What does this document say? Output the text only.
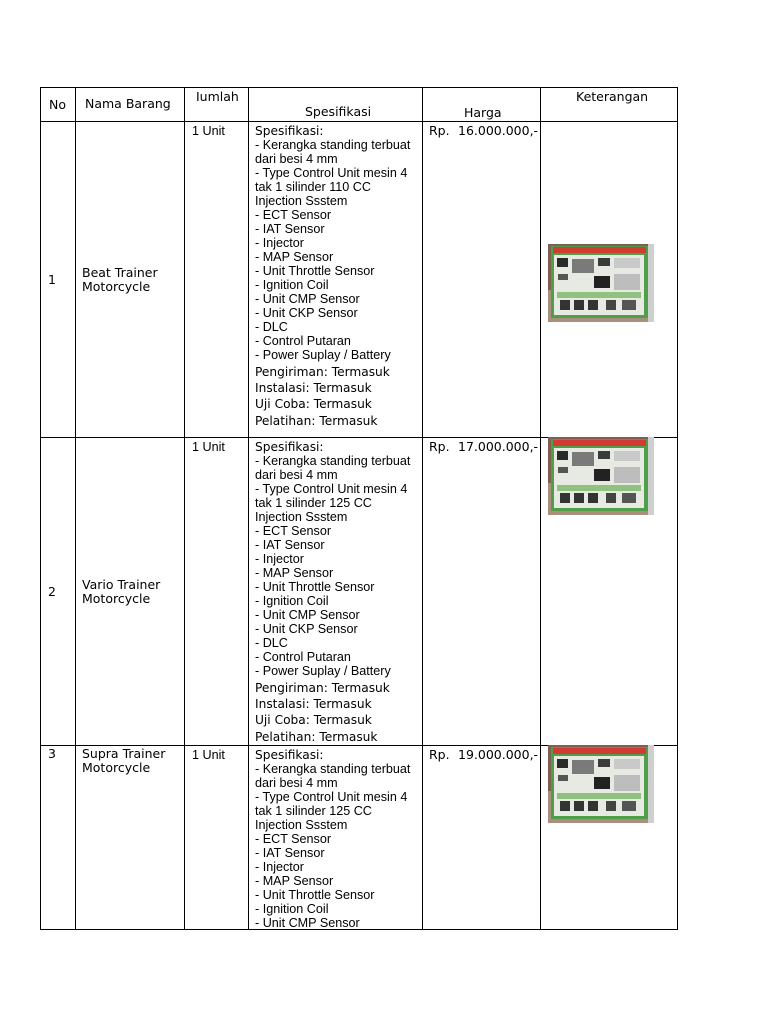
No Nama Barang Iumlah
Spesifikasi	Harga
Keterangan
1 Beat Trainer
Motorcycle
1 Unit Spesifikasi:
- Kerangka standing terbuat
dari besi 4 mm
- Type Control Unit mesin 4
tak 1 silinder 110 CC
Injection Ssstem
- ECT Sensor
- IAT Sensor
- Injector
- MAP Sensor
- Unit Throttle Sensor
- Ignition Coil
- Unit CMP Sensor
- Unit CKP Sensor
- DLC
- Control Putaran
- Power Suplay / Battery
Pengiriman: Termasuk
Instalasi: Termasuk
Uji Coba: Termasuk
Pelatihan: Termasuk
Rp. 16.000.000,-
2 Vario Trainer
Motorcycle
1 Unit Spesifikasi:
- Kerangka standing terbuat
dari besi 4 mm
- Type Control Unit mesin 4
tak 1 silinder 125 CC
Injection Ssstem
- ECT Sensor
- IAT Sensor
- Injector
- MAP Sensor
- Unit Throttle Sensor
- Ignition Coil
- Unit CMP Sensor
- Unit CKP Sensor
- DLC
- Control Putaran
- Power Suplay / Battery
Pengiriman: Termasuk
Instalasi: Termasuk
Uji Coba: Termasuk
Pelatihan: Termasuk
Rp. 17.000.000,-
3 Supra Trainer
Motorcycle
1 Unit Spesifikasi:
- Kerangka standing terbuat
dari besi 4 mm
- Type Control Unit mesin 4
tak 1 silinder 125 CC
Injection Ssstem
- ECT Sensor
- IAT Sensor
- Injector
- MAP Sensor
- Unit Throttle Sensor
- Ignition Coil
- Unit CMP Sensor
Rp. 19.000.000,-
